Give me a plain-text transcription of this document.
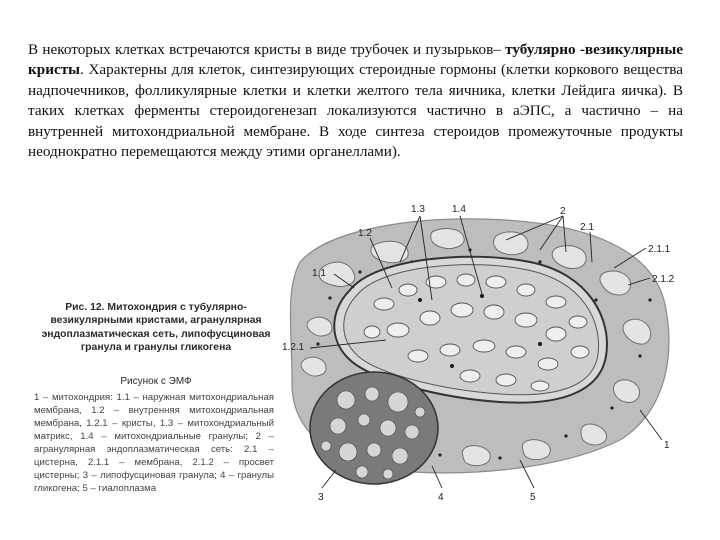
В некоторых клетках встречаются кристы в виде трубочек и пузырьков– тубулярно -везикулярные кристы. Характерны для клеток, синтезирующих стероидные гормоны (клетки коркового вещества надпочечников, фолликулярные клетки и клетки желтого тела яичника, клетки Лейдига яичка). В таких клетках ферменты стероидогенезап локализуются частично в аЭПС, а частично – на внутренней митохондриальной мембране. В ходе синтеза стероидов промежуточные продукты неоднократно перемещаются между этими органеллами).

Рис. 12. Митохондрия с тубулярно-везикулярными кристами, агранулярная эндоплазматическая сеть, липофусциновая гранула и гранулы гликогена
Рисунок с ЭМФ
1 – митохондрия: 1.1 – наружная митохондриальная мембрана, 1.2 – внутренняя митохондриальная мембрана, 1.2.1 – кристы, 1.3 – митохондриальный матрикс, 1.4 – митохондриальные гранулы; 2 – агранулярная эндоплазматическая сеть: 2.1 – цистерна, 2.1.1 – мембрана, 2.1.2 – просвет цистерны; 3 – липофусциновая гранула; 4 – гранулы гликогена; 5 – гиалоплазма
1.3	1.4	2
2.1
1.2
2.1.1
1.1
2.1.2
1.2.1
1
3	4	5
